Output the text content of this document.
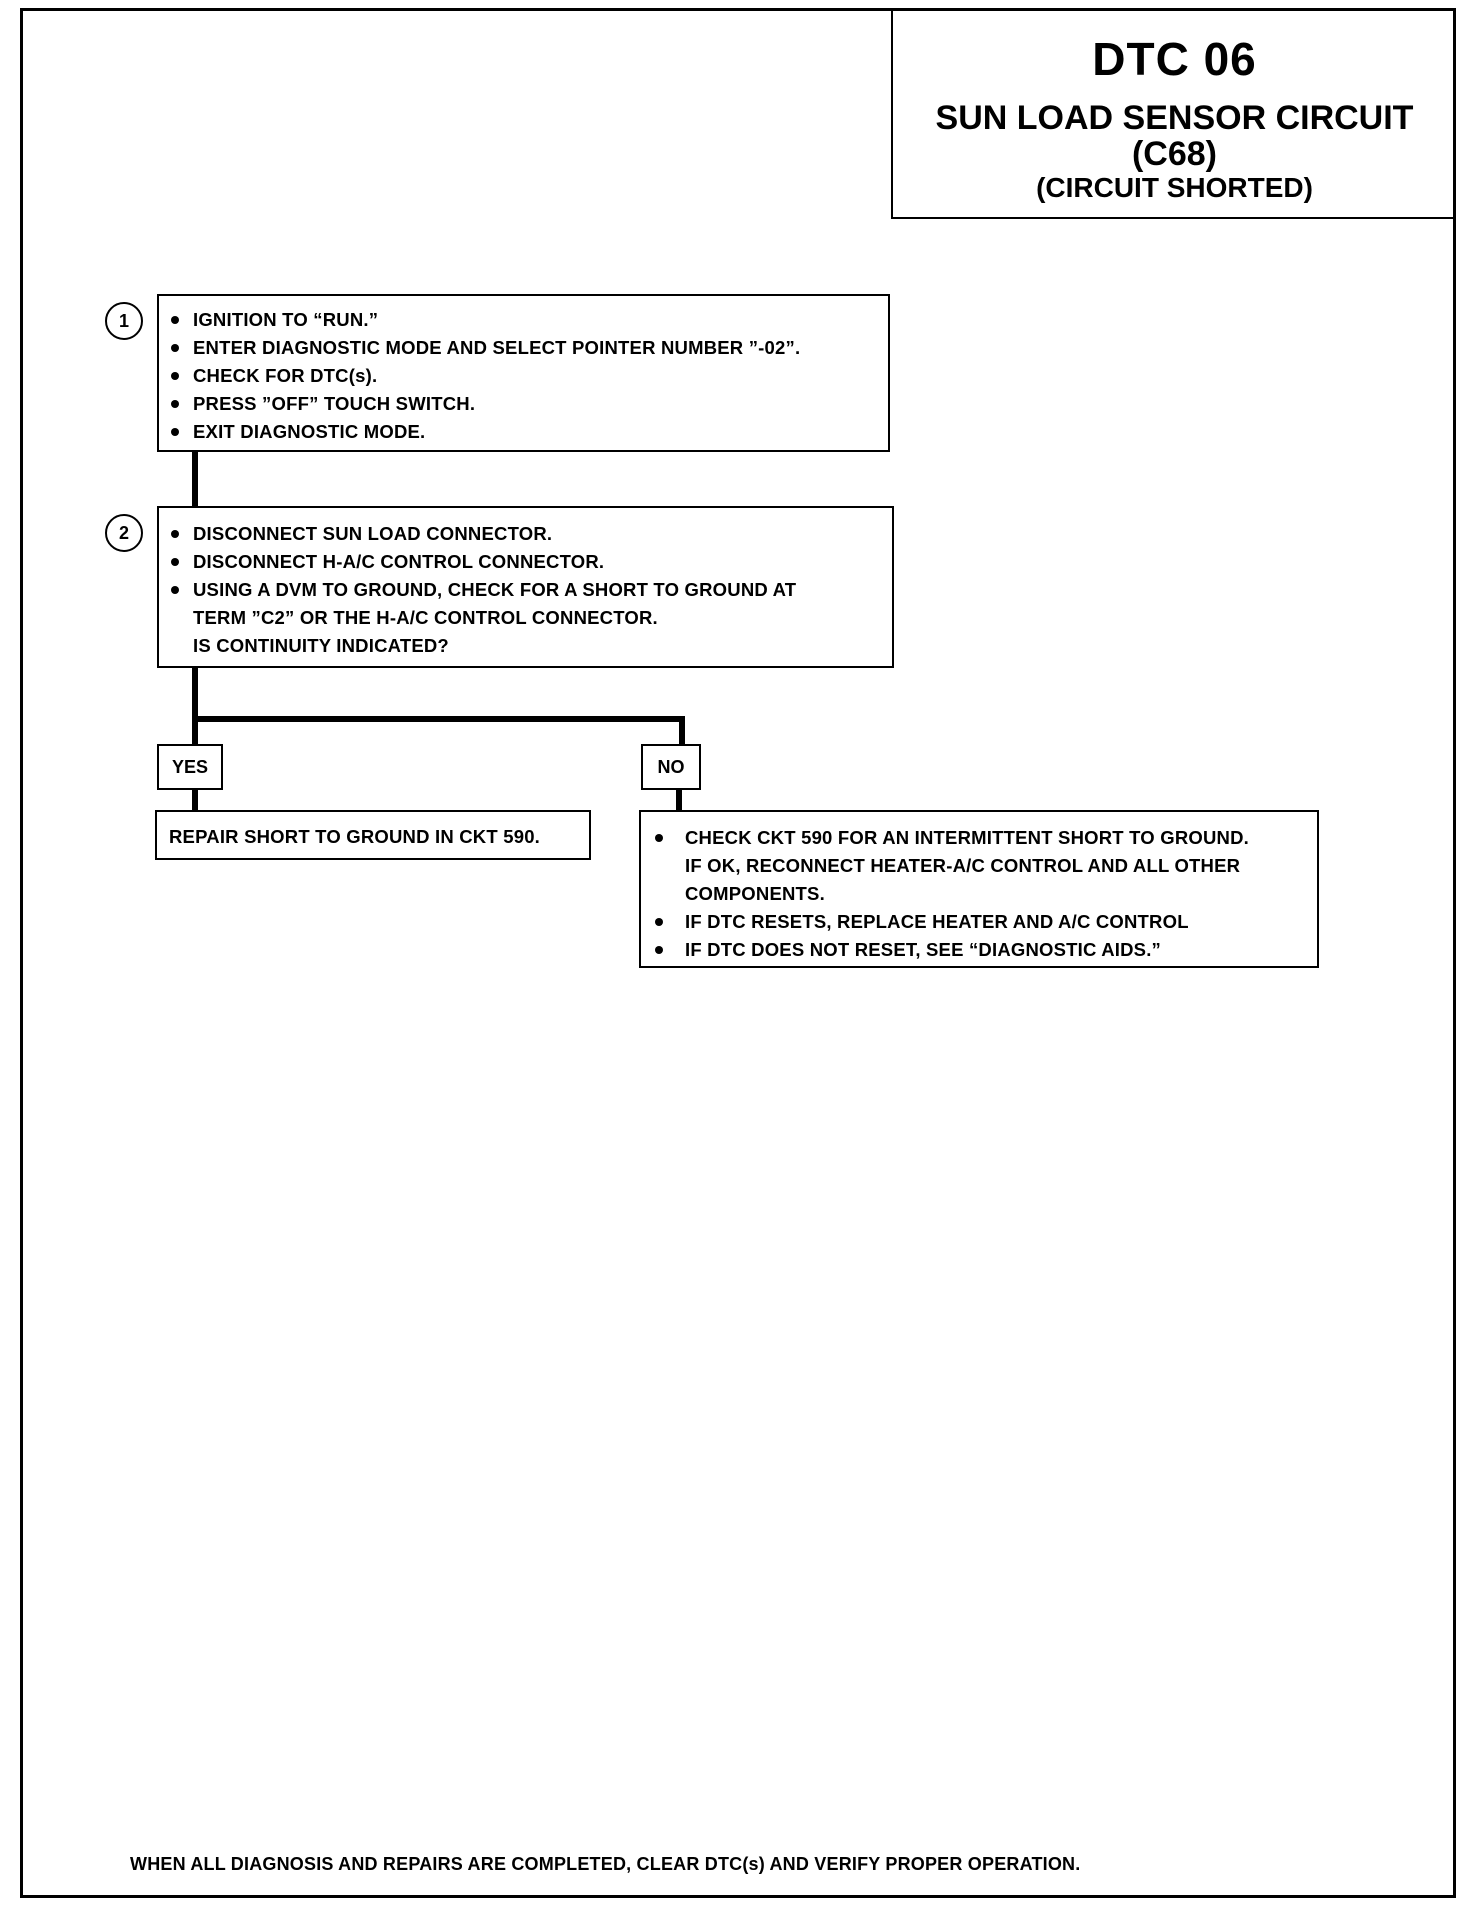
DTC 06
SUN LOAD SENSOR CIRCUIT
(C68)
(CIRCUIT SHORTED)
1	IGNITION TO “RUN.”
ENTER DIAGNOSTIC MODE AND SELECT POINTER NUMBER ”-02”.
CHECK FOR DTC(s).
PRESS ”OFF” TOUCH SWITCH.
EXIT DIAGNOSTIC MODE.
2	DISCONNECT SUN LOAD CONNECTOR.
DISCONNECT H-A/C CONTROL CONNECTOR.
USING A DVM TO GROUND, CHECK FOR A SHORT TO GROUND AT
TERM ”C2” OR THE H-A/C CONTROL CONNECTOR.
IS CONTINUITY INDICATED?
YES	NO
REPAIR SHORT TO GROUND IN CKT 590.	CHECK CKT 590 FOR AN INTERMITTENT SHORT TO GROUND.
IF OK, RECONNECT HEATER-A/C CONTROL AND ALL OTHER
COMPONENTS.
IF DTC RESETS, REPLACE HEATER AND A/C CONTROL
IF DTC DOES NOT RESET, SEE “DIAGNOSTIC AIDS.”
WHEN ALL DIAGNOSIS AND REPAIRS ARE COMPLETED, CLEAR DTC(s) AND VERIFY PROPER OPERATION.
